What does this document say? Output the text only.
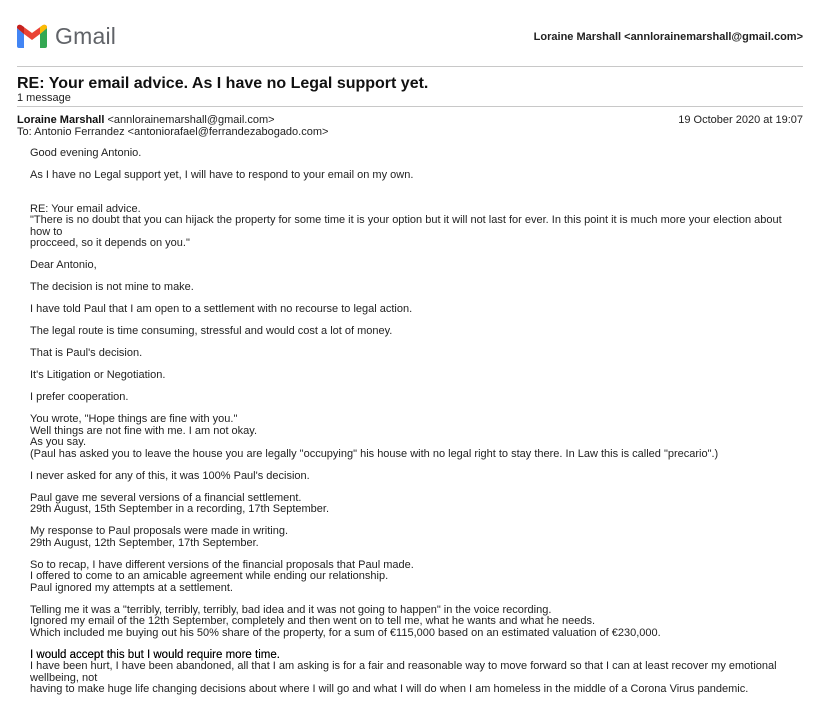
Gmail	Loraine Marshall <annlorainemarshall@gmail.com>
RE: Your email advice. As I have no Legal support yet.
1 message
Loraine Marshall <annlorainemarshall@gmail.com>
To: Antonio Ferrandez <antoniorafael@ferrandezabogado.com>
19 October 2020 at 19:07

Good evening Antonio.

As I have no Legal support yet, I will have to respond to your email on my own.

RE: Your email advice.
"There is no doubt that you can hijack the property for some time it is your option but it will not last for ever. In this point it is much more your election about how to
procceed, so it depends on you."

Dear Antonio,

The decision is not mine to make.

I have told Paul that I am open to a settlement with no recourse to legal action.

The legal route is time consuming, stressful and would cost a lot of money.

That is Paul's decision.

It's Litigation or Negotiation.

I prefer cooperation.

You wrote, "Hope things are fine with you."
Well things are not fine with me. I am not okay.
As you say.
(Paul has asked you to leave the house you are legally "occupying" his house with no legal right to stay there. In Law this is called "precario".)

I never asked for any of this, it was 100% Paul's decision.

Paul gave me several versions of a financial settlement.
29th August, 15th September in a recording, 17th September.

My response to Paul proposals were made in writing.
29th August, 12th September, 17th September.

So to recap, I have different versions of the financial proposals that Paul made.
I offered to come to an amicable agreement while ending our relationship.
Paul ignored my attempts at a settlement.

Telling me it was a "terribly, terribly, terribly, bad idea and it was not going to happen" in the voice recording.
Ignored my email of the 12th September, completely and then went on to tell me, what he wants and what he needs.
Which included me buying out his 50% share of the property, for a sum of €115,000 based on an estimated valuation of €230,000.

I would accept this but I would require more time.
I have been hurt, I have been abandoned, all that I am asking is for a fair and reasonable way to move forward so that I can at least recover my emotional wellbeing, not
having to make huge life changing decisions about where I will go and what I will do when I am homeless in the middle of a Corona Virus pandemic.
